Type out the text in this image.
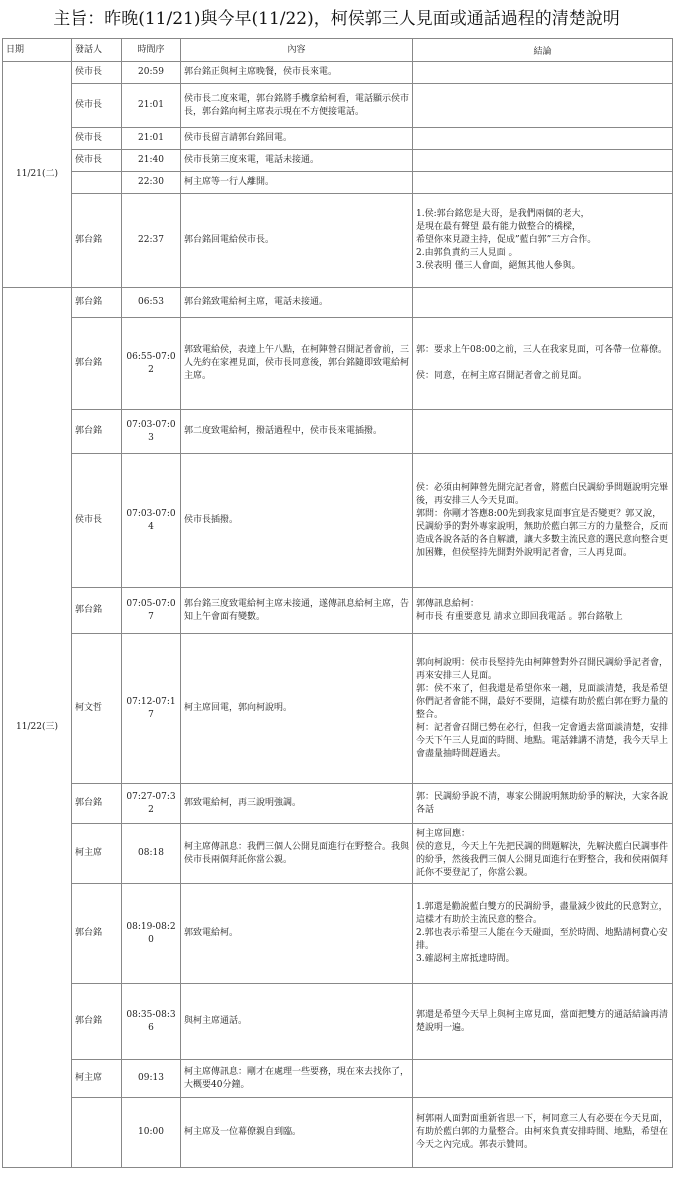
主旨：昨晚(11/21)與今早(11/22)，柯侯郭三人見面或通話過程的清楚說明
日期	發話人	時間序	內容	結論
11/21(二)	侯市長	20:59	郭台銘正與柯主席晚餐，侯市長來電。	
	侯市長	21:01	侯市長二度來電，郭台銘將手機拿給柯看，電話顯示侯市長，郭台銘向柯主席表示現在不方便接電話。	
	侯市長	21:01	侯市長留言請郭台銘回電。	
	侯市長	21:40	侯市長第三度來電，電話未接通。	
		22:30	柯主席等一行人離開。	
	郭台銘	22:37	郭台銘回電給侯市長。	1.侯:郭台銘您是大哥，是我們兩個的老大，

是現在最有聲望 最有能力做整合的橋樑，

希望你來見證主持，促成”藍白郭”三方合作。

2.由郭負責約三人見面 。

3.侯表明 僅三人會面，絕無其他人參與。

11/22(三)	郭台銘	06:53	郭台銘致電給柯主席，電話未接通。	
	郭台銘	06:55-07:02	郭致電給侯，表達上午八點，在柯陣營召開記者會前，三人先約在家裡見面，侯市長同意後，郭台銘隨即致電給柯主席。	郭：要求上午08:00之前，三人在我家見面，可各帶一位幕僚。

侯：同意，在柯主席召開記者會之前見面。

	郭台銘	07:03-07:03	郭二度致電給柯，撥話過程中，侯市長來電插撥。	
	侯市長	07:03-07:04	侯市長插撥。	侯：必須由柯陣營先開完記者會，將藍白民調紛爭問題說明完畢後，再安排三人今天見面。

郭問：你剛才答應8:00先到我家見面事宜是否變更？郭又說，民調紛爭的對外專家說明，無助於藍白郭三方的力量整合，反而造成各說各話的各自解讀，讓大多數主流民意的選民意向整合更加困難，但侯堅持先開對外說明記者會，三人再見面。

	郭台銘	07:05-07:07	郭台銘三度致電給柯主席未接通，遂傳訊息給柯主席，告知上午會面有變數。	郭傳訊息給柯：

柯市長 有重要意見 請求立即回我電話 。郭台銘敬上

	柯文哲	07:12-07:17	柯主席回電，郭向柯說明。	郭向柯說明：侯市長堅持先由柯陣營對外召開民調紛爭記者會，再來安排三人見面。

郭：侯不來了，但我還是希望你來一趟，見面談清楚，我是希望你們記者會能不開，最好不要開，這樣有助於藍白郭在野力量的整合。

柯：記者會召開已勢在必行，但我一定會過去當面談清楚，安排今天下午三人見面的時間、地點。電話雜講不清楚，我今天早上會盡量抽時間趕過去。

	郭台銘	07:27-07:32	郭致電給柯，再三說明強調。	郭：民調紛爭說不清，專家公開說明無助紛爭的解決，大家各說各話

	柯主席	08:18	柯主席傳訊息：我們三個人公開見面進行在野整合。我與侯市長兩個拜託你當公親。	柯主席回應：

侯的意見，今天上午先把民調的問題解決，先解決藍白民調事件的紛爭，然後我們三個人公開見面進行在野整合，我和侯兩個拜託你不要登記了，你當公親。

	郭台銘	08:19-08:20	郭致電給柯。	1.郭還是勸說藍白雙方的民調紛爭，盡量減少彼此的民意對立，這樣才有助於主流民意的整合。

2.郭也表示希望三人能在今天碰面，至於時間、地點請柯費心安排。

3.確認柯主席抵達時間。

	郭台銘	08:35-08:36	與柯主席通話。	郭還是希望今天早上與柯主席見面，當面把雙方的通話結論再清楚說明一遍。

	柯主席	09:13	柯主席傳訊息：剛才在處理一些要務，現在來去找你了，大概要40分鐘。	
		10:00	柯主席及一位幕僚親自到臨。	柯郭兩人面對面重新省思一下，柯同意三人有必要在今天見面，有助於藍白郭的力量整合。由柯來負責安排時間、地點，希望在今天之內完成。郭表示贊同。
